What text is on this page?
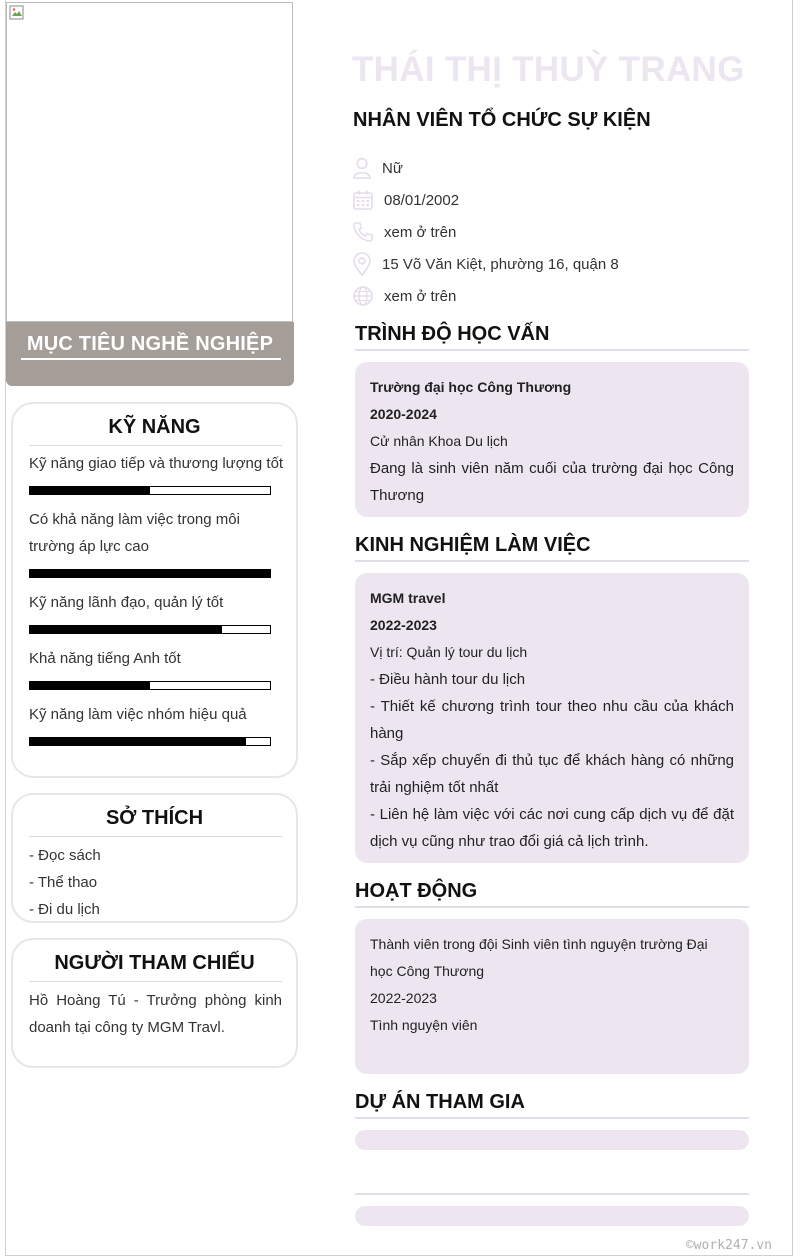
MỤC TIÊU NGHỀ NGHIỆP
KỸ NĂNG
Kỹ năng giao tiếp và thương lượng tốt
Có khả năng làm việc trong môi trường áp lực cao
Kỹ năng lãnh đạo, quản lý tốt
Khả năng tiếng Anh tốt
Kỹ năng làm việc nhóm hiệu quả
SỞ THÍCH
- Đọc sách
- Thể thao
- Đi du lịch
NGƯỜI THAM CHIẾU
Hồ Hoàng Tú - Trưởng phòng kinh doanh tại công ty MGM Travl.
THÁI THỊ THUỲ TRANG
NHÂN VIÊN TỔ CHỨC SỰ KIỆN
Nữ
08/01/2002
xem ở trên
15 Võ Văn Kiệt, phường 16, quận 8
xem ở trên
TRÌNH ĐỘ HỌC VẤN
Trường đại học Công Thương
2020-2024
Cử nhân Khoa Du lịch
Đang là sinh viên năm cuối của trường đại học Công Thương
KINH NGHIỆM LÀM VIỆC
MGM travel
2022-2023
Vị trí: Quản lý tour du lịch
- Điều hành tour du lịch
- Thiết kế chương trình tour theo nhu cầu của khách hàng
- Sắp xếp chuyến đi thủ tục để khách hàng có những trải nghiệm tốt nhất
- Liên hệ làm việc với các nơi cung cấp dịch vụ để đặt dịch vụ cũng như trao đổi giá cả lịch trình.
HOẠT ĐỘNG
Thành viên trong đội Sinh viên tình nguyện trường Đại học Công Thương
2022-2023
Tình nguyện viên
DỰ ÁN THAM GIA
©work247.vn
